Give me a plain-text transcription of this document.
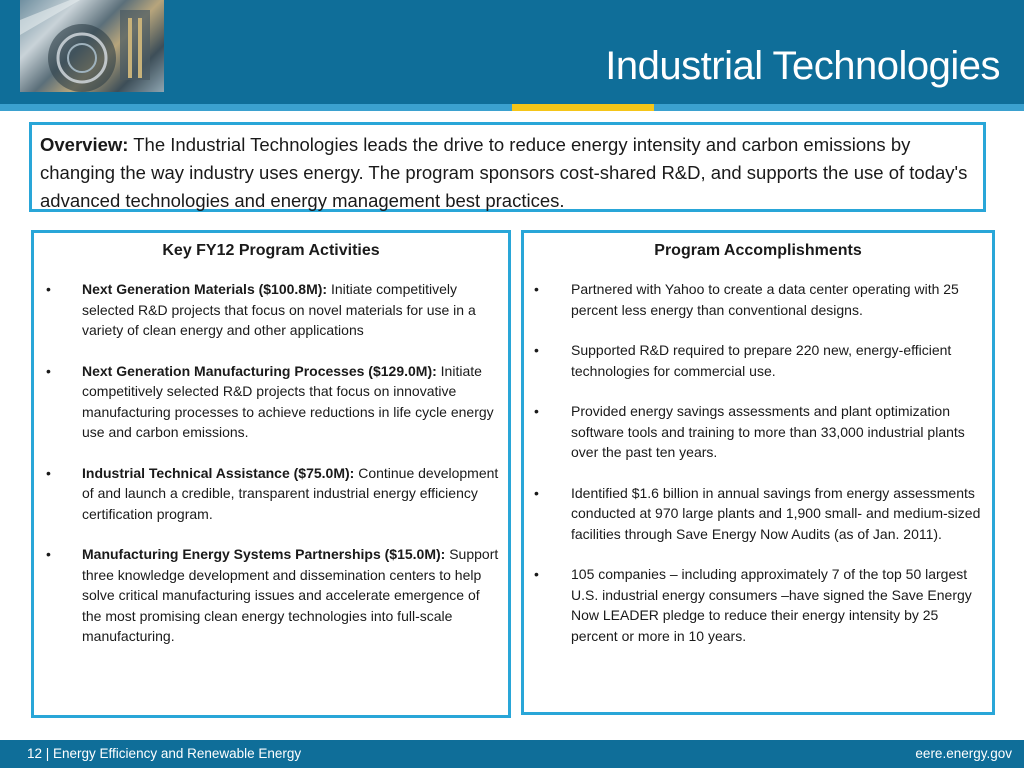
Industrial Technologies
Overview: The Industrial Technologies leads the drive to reduce energy intensity and carbon emissions by changing the way industry uses energy. The program sponsors cost-shared R&D, and supports the use of today's advanced technologies and energy management best practices.
Key FY12 Program Activities
• Next Generation Materials ($100.8M): Initiate competitively selected R&D projects that focus on novel materials for use in a variety of clean energy and other applications
• Next Generation Manufacturing Processes ($129.0M): Initiate competitively selected R&D projects that focus on innovative manufacturing processes to achieve reductions in life cycle energy use and carbon emissions.
• Industrial Technical Assistance ($75.0M): Continue development of and launch a credible, transparent industrial energy efficiency certification program.
• Manufacturing Energy Systems Partnerships ($15.0M): Support three knowledge development and dissemination centers to help solve critical manufacturing issues and accelerate emergence of the most promising clean energy technologies into full-scale manufacturing.
Program Accomplishments
• Partnered with Yahoo to create a data center operating with 25 percent less energy than conventional designs.
• Supported R&D required to prepare 220 new, energy-efficient technologies for commercial use.
• Provided energy savings assessments and plant optimization software tools and training to more than 33,000 industrial plants over the past ten years.
• Identified $1.6 billion in annual savings from energy assessments conducted at 970 large plants and 1,900 small- and medium-sized facilities through Save Energy Now Audits (as of Jan. 2011).
• 105 companies – including approximately 7 of the top 50 largest U.S. industrial energy consumers –have signed the Save Energy Now LEADER pledge to reduce their energy intensity by 25 percent or more in 10 years.
12 | Energy Efficiency and Renewable Energy	eere.energy.gov
